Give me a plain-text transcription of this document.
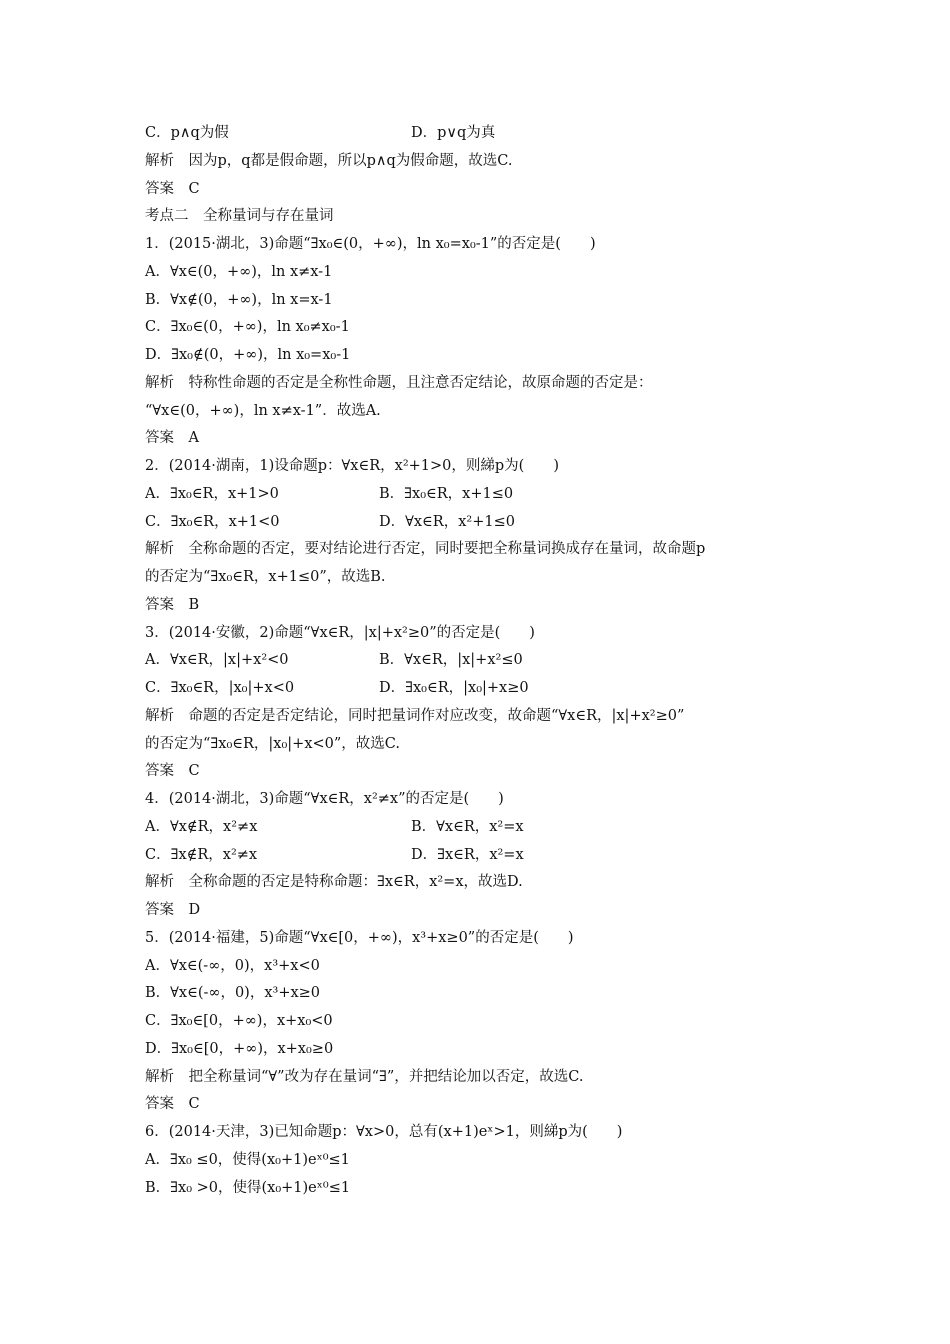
C．p∧q为假	D．p∨q为真
解析　因为p，q都是假命题，所以p∧q为假命题，故选C.
答案　C
考点二　全称量词与存在量词
1．(2015·湖北，3)命题“∃x₀∈(0，+∞)，ln x₀=x₀-1”的否定是(　　)
A．∀x∈(0，+∞)，ln x≠x-1
B．∀x∉(0，+∞)，ln x=x-1
C．∃x₀∈(0，+∞)，ln x₀≠x₀-1
D．∃x₀∉(0，+∞)，ln x₀=x₀-1
解析　特称性命题的否定是全称性命题，且注意否定结论，故原命题的否定是：
“∀x∈(0，+∞)，ln x≠x-1”．故选A.
答案　A
2．(2014·湖南，1)设命题p：∀x∈R，x²+1>0，则綈p为(　　)
A．∃x₀∈R，x+1>0	B．∃x₀∈R，x+1≤0
C．∃x₀∈R，x+1<0	D．∀x∈R，x²+1≤0
解析　全称命题的否定，要对结论进行否定，同时要把全称量词换成存在量词，故命题p
的否定为“∃x₀∈R，x+1≤0”，故选B.
答案　B
3．(2014·安徽，2)命题“∀x∈R，|x|+x²≥0”的否定是(　　)
A．∀x∈R，|x|+x²<0	B．∀x∈R，|x|+x²≤0
C．∃x₀∈R，|x₀|+x<0	D．∃x₀∈R，|x₀|+x≥0
解析　命题的否定是否定结论，同时把量词作对应改变，故命题“∀x∈R，|x|+x²≥0”
的否定为“∃x₀∈R，|x₀|+x<0”，故选C.
答案　C
4．(2014·湖北，3)命题“∀x∈R，x²≠x”的否定是(　　)
A．∀x∉R，x²≠x	B．∀x∈R，x²=x
C．∃x∉R，x²≠x	D．∃x∈R，x²=x
解析　全称命题的否定是特称命题：∃x∈R，x²=x，故选D.
答案　D
5．(2014·福建，5)命题“∀x∈[0，+∞)，x³+x≥0”的否定是(　　)
A．∀x∈(-∞，0)，x³+x<0
B．∀x∈(-∞，0)，x³+x≥0
C．∃x₀∈[0，+∞)，x+x₀<0
D．∃x₀∈[0，+∞)，x+x₀≥0
解析　把全称量词“∀”改为存在量词“∃”，并把结论加以否定，故选C.
答案　C
6．(2014·天津，3)已知命题p：∀x>0，总有(x+1)eˣ>1，则綈p为(　　)
A．∃x₀ ≤0，使得(x₀+1)eˣ⁰≤1
B．∃x₀ >0，使得(x₀+1)eˣ⁰≤1
